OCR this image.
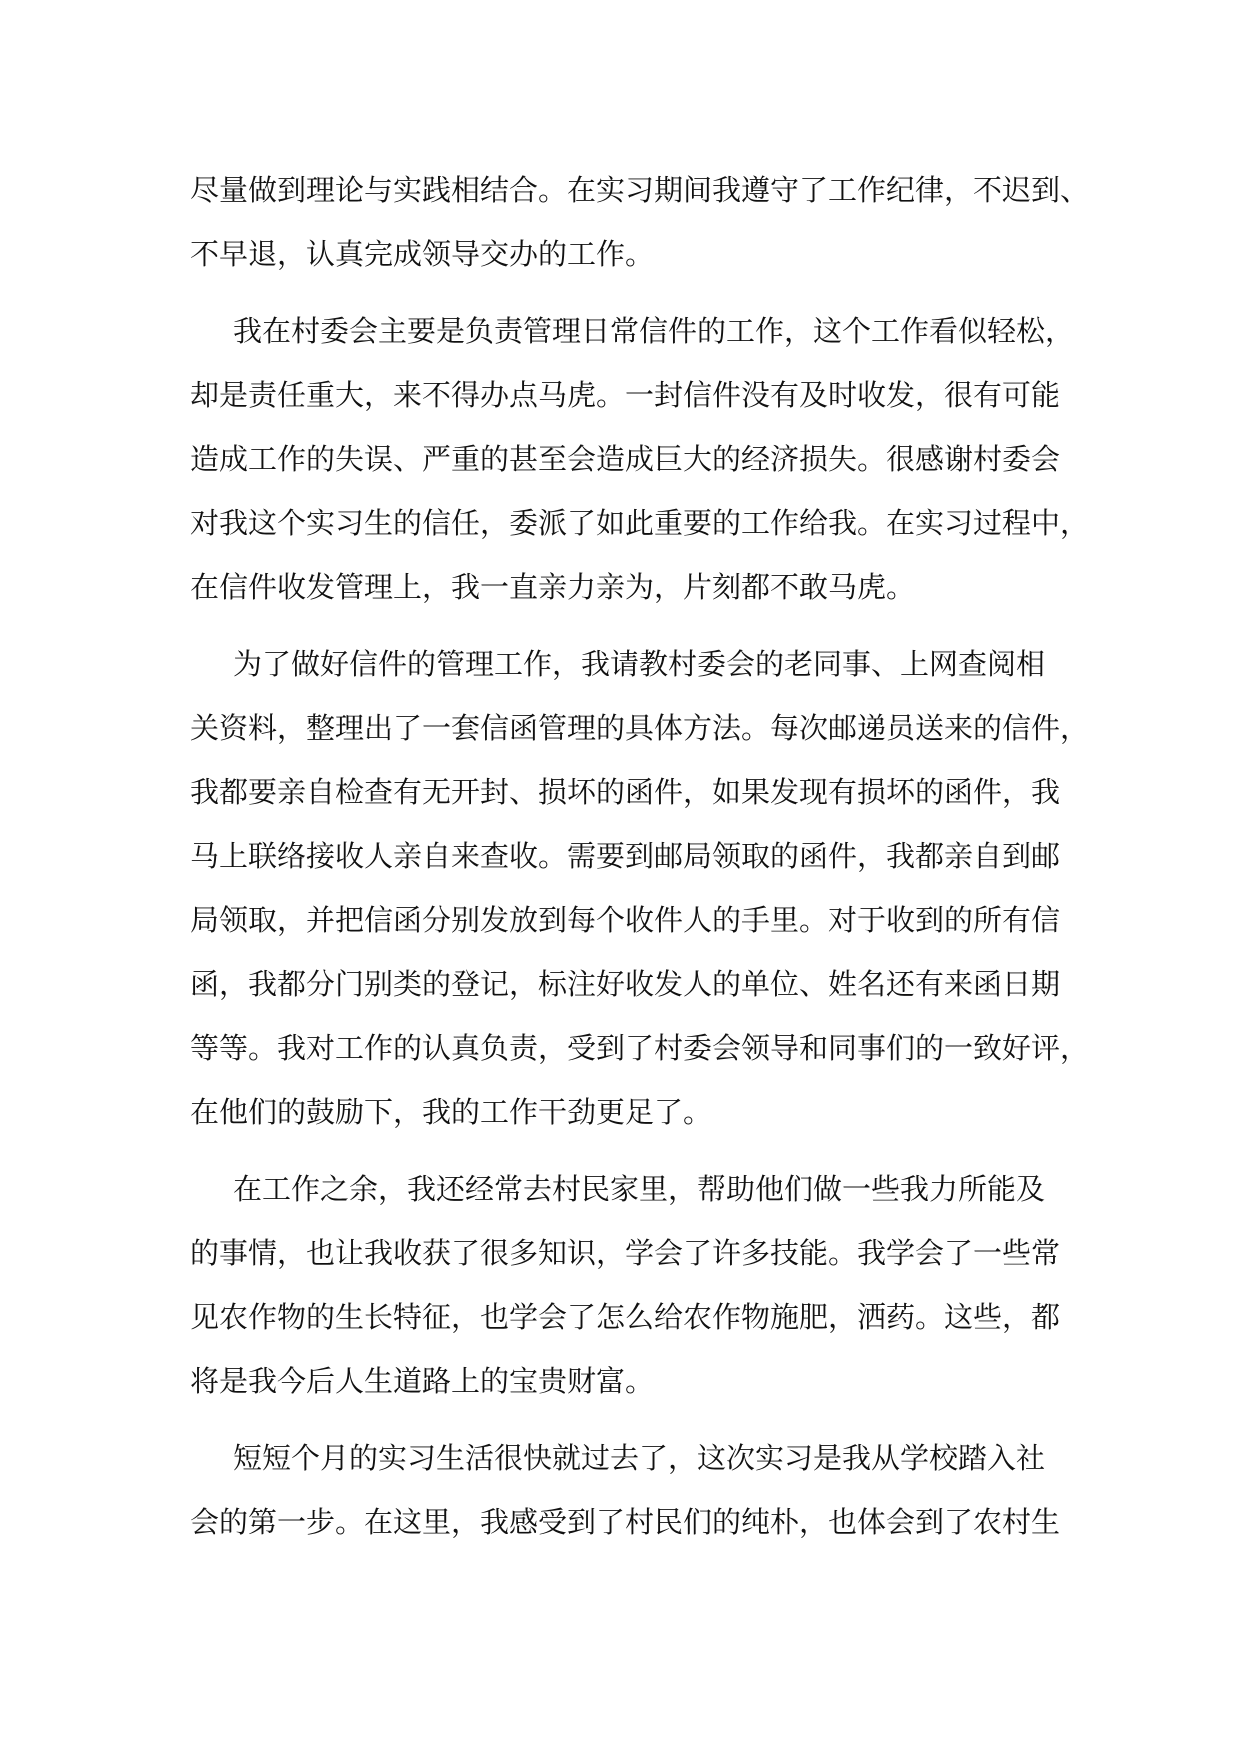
尽量做到理论与实践相结合。在实习期间我遵守了工作纪律，不迟到、
不早退，认真完成领导交办的工作。
我在村委会主要是负责管理日常信件的工作，这个工作看似轻松，
却是责任重大，来不得办点马虎。一封信件没有及时收发，很有可能
造成工作的失误、严重的甚至会造成巨大的经济损失。很感谢村委会
对我这个实习生的信任，委派了如此重要的工作给我。在实习过程中，
在信件收发管理上，我一直亲力亲为，片刻都不敢马虎。
为了做好信件的管理工作，我请教村委会的老同事、上网查阅相
关资料，整理出了一套信函管理的具体方法。每次邮递员送来的信件，
我都要亲自检查有无开封、损坏的函件，如果发现有损坏的函件，我
马上联络接收人亲自来查收。需要到邮局领取的函件，我都亲自到邮
局领取，并把信函分别发放到每个收件人的手里。对于收到的所有信
函，我都分门别类的登记，标注好收发人的单位、姓名还有来函日期
等等。我对工作的认真负责，受到了村委会领导和同事们的一致好评，
在他们的鼓励下，我的工作干劲更足了。
在工作之余，我还经常去村民家里，帮助他们做一些我力所能及
的事情，也让我收获了很多知识，学会了许多技能。我学会了一些常
见农作物的生长特征，也学会了怎么给农作物施肥，洒药。这些，都
将是我今后人生道路上的宝贵财富。
短短个月的实习生活很快就过去了，这次实习是我从学校踏入社
会的第一步。在这里，我感受到了村民们的纯朴，也体会到了农村生
